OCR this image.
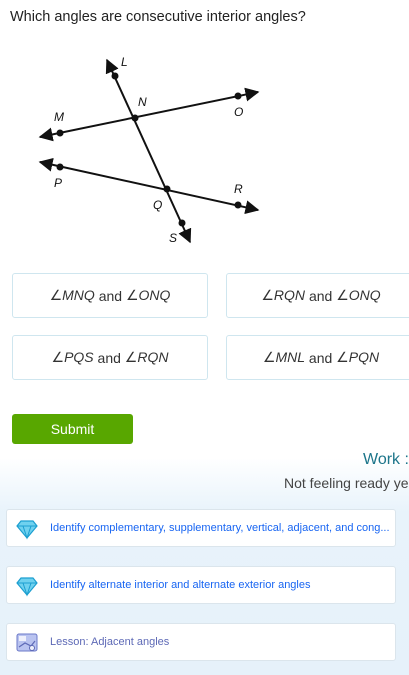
Which angles are consecutive interior angles?
L
M
N
O
P
Q
R
S
∠MNQ
and
∠ONQ	∠RQN
and
∠ONQ
∠PQS
and
∠RQN	∠MNL
and
∠PQN
Submit
Work :
Not feeling ready ye
Identify complementary, supplementary, vertical, adjacent, and cong...
Identify alternate interior and alternate exterior angles
Lesson: Adjacent angles
